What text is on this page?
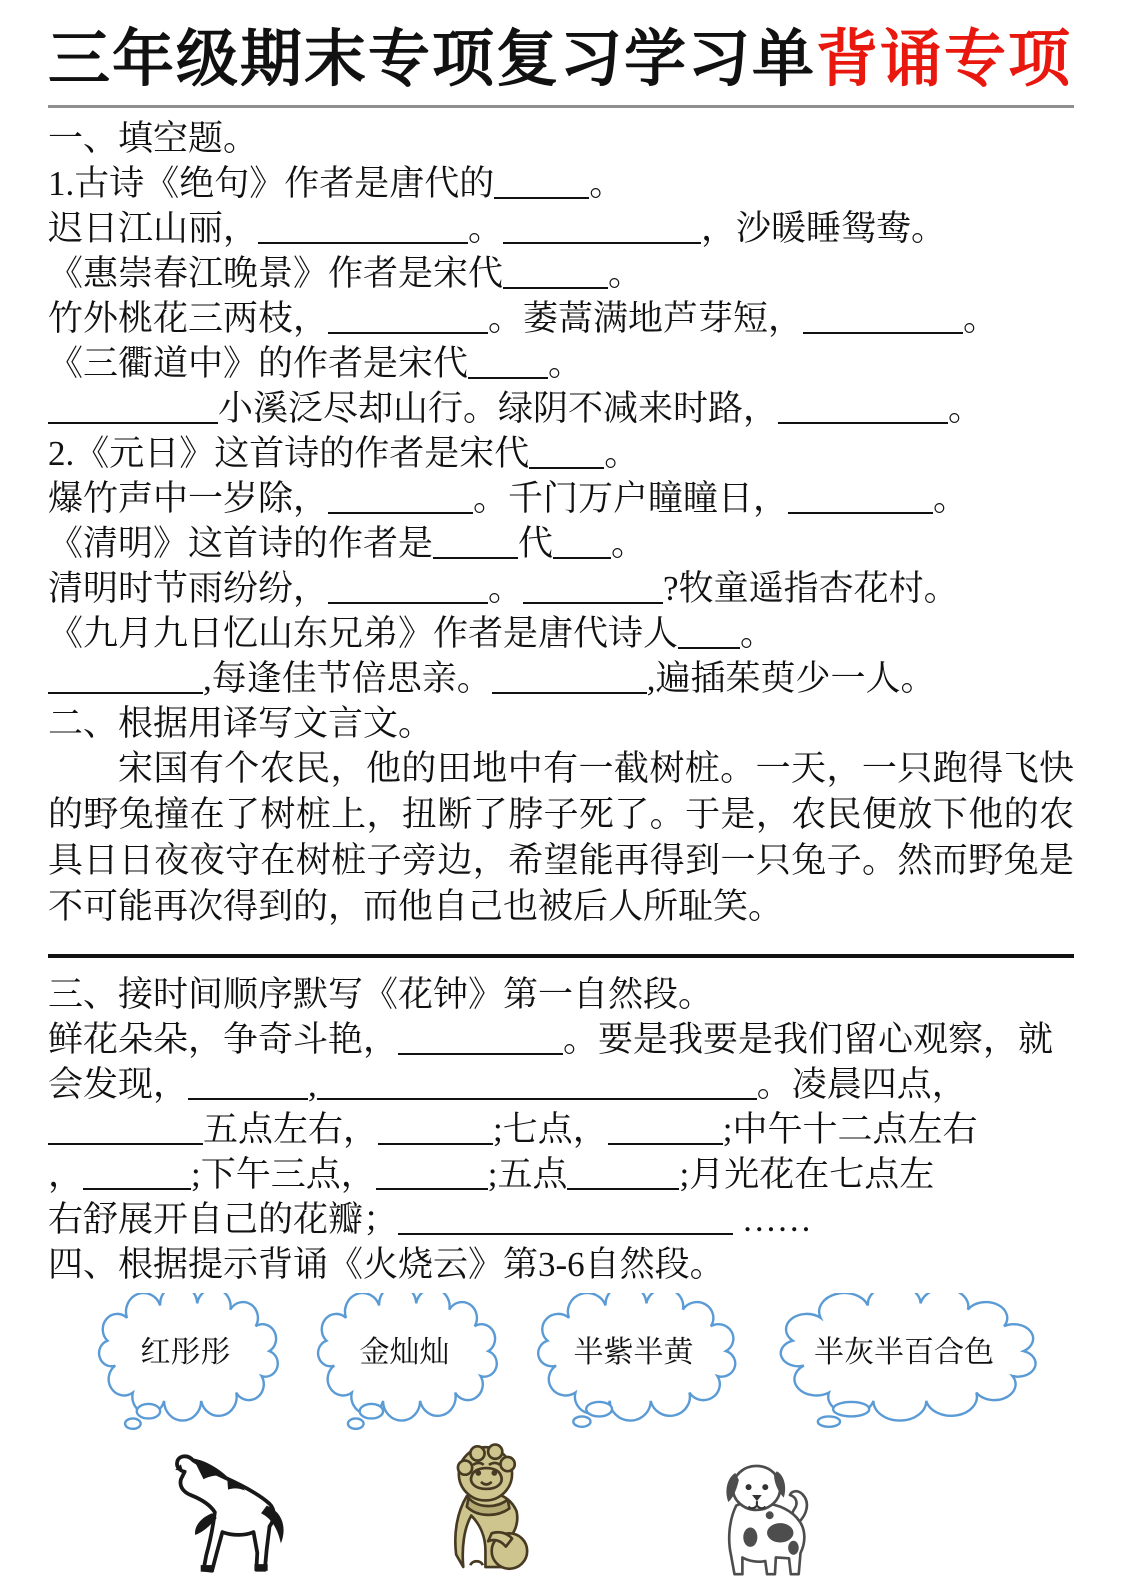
三年级期末专项复习学习单背诵专项
一、填空题。
1.古诗《绝句》作者是唐代的	。
迟日江山丽，	。	，沙暖睡鸳鸯。
《惠崇春江晚景》作者是宋代	。
竹外桃花三两枝，	。萎蒿满地芦芽短，	。
《三衢道中》的作者是宋代 。
小溪泛尽却山行。绿阴不减来时路，	。
2.《元日》这首诗的作者是宋代 。
爆竹声中一岁除，	。千门万户瞳瞳日，	。
《清明》这首诗的作者是 代 。
清明时节雨纷纷，	。	?牧童遥指杏花村。
《九月九日忆山东兄弟》作者是唐代诗人 。
,每逢佳节倍思亲。	,遍插茱萸少一人。
二、根据用译写文言文。

宋国有个农民，他的田地中有一截树桩。一天，一只跑得飞快的野兔撞在了树桩上，扭断了脖子死了。于是，农民便放下他的农具日日夜夜守在树桩子旁边，希望能再得到一只兔子。然而野兔是不可能再次得到的，而他自己也被后人所耻笑。

三、接时间顺序默写《花钟》第一自然段。
鲜花朵朵，争奇斗艳，	。要是我要是我们留心观察，就
会发现，	,	。凌晨四点，
五点左右，	;七点，	;中午十二点左右
，	;下午三点，	;五点	;月光花在七点左
右舒展开自己的花瓣；	……
四、根据提示背诵《火烧云》第3-6自然段。
红彤彤	金灿灿	半紫半黄	半灰半百合色
